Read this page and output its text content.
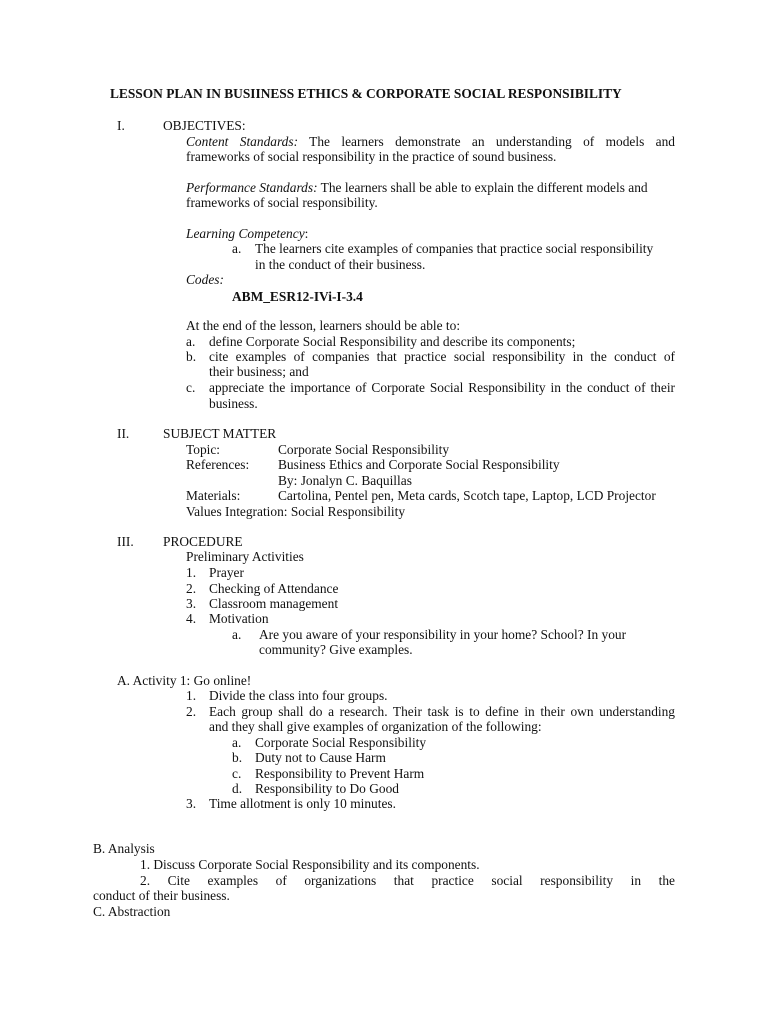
LESSON PLAN IN BUSIINESS ETHICS & CORPORATE SOCIAL RESPONSIBILITY
I.	OBJECTIVES:
Content Standards: The learners demonstrate an understanding of models and
frameworks of social responsibility in the practice of sound business.
Performance Standards: The learners shall be able to explain the different models and
frameworks of social responsibility.
Learning Competency:
a. The learners cite examples of companies that practice social responsibility
in the conduct of their business.
Codes:
ABM_ESR12-IVi-I-3.4
At the end of the lesson, learners should be able to:
a. define Corporate Social Responsibility and describe its components;
b. cite examples of companies that practice social responsibility in the conduct of
their business; and
c. appreciate the importance of Corporate Social Responsibility in the conduct of their
business.
II.	SUBJECT MATTER
Topic:	Corporate Social Responsibility
References: Business Ethics and Corporate Social Responsibility
By: Jonalyn C. Baquillas
Materials:	Cartolina, Pentel pen, Meta cards, Scotch tape, Laptop, LCD Projector
Values Integration: Social Responsibility
III. PROCEDURE
Preliminary Activities
1. Prayer
2. Checking of Attendance
3. Classroom management
4. Motivation
a. Are you aware of your responsibility in your home? School? In your
community? Give examples.
A. Activity 1: Go online!
1. Divide the class into four groups.
2. Each group shall do a research. Their task is to define in their own understanding
and they shall give examples of organization of the following:
a. Corporate Social Responsibility
b. Duty not to Cause Harm
c. Responsibility to Prevent Harm
d. Responsibility to Do Good
3. Time allotment is only 10 minutes.
B. Analysis
1. Discuss Corporate Social Responsibility and its components.
2.  Cite  examples  of  organizations  that  practice  social  responsibility  in  the
conduct of their business.
C. Abstraction
